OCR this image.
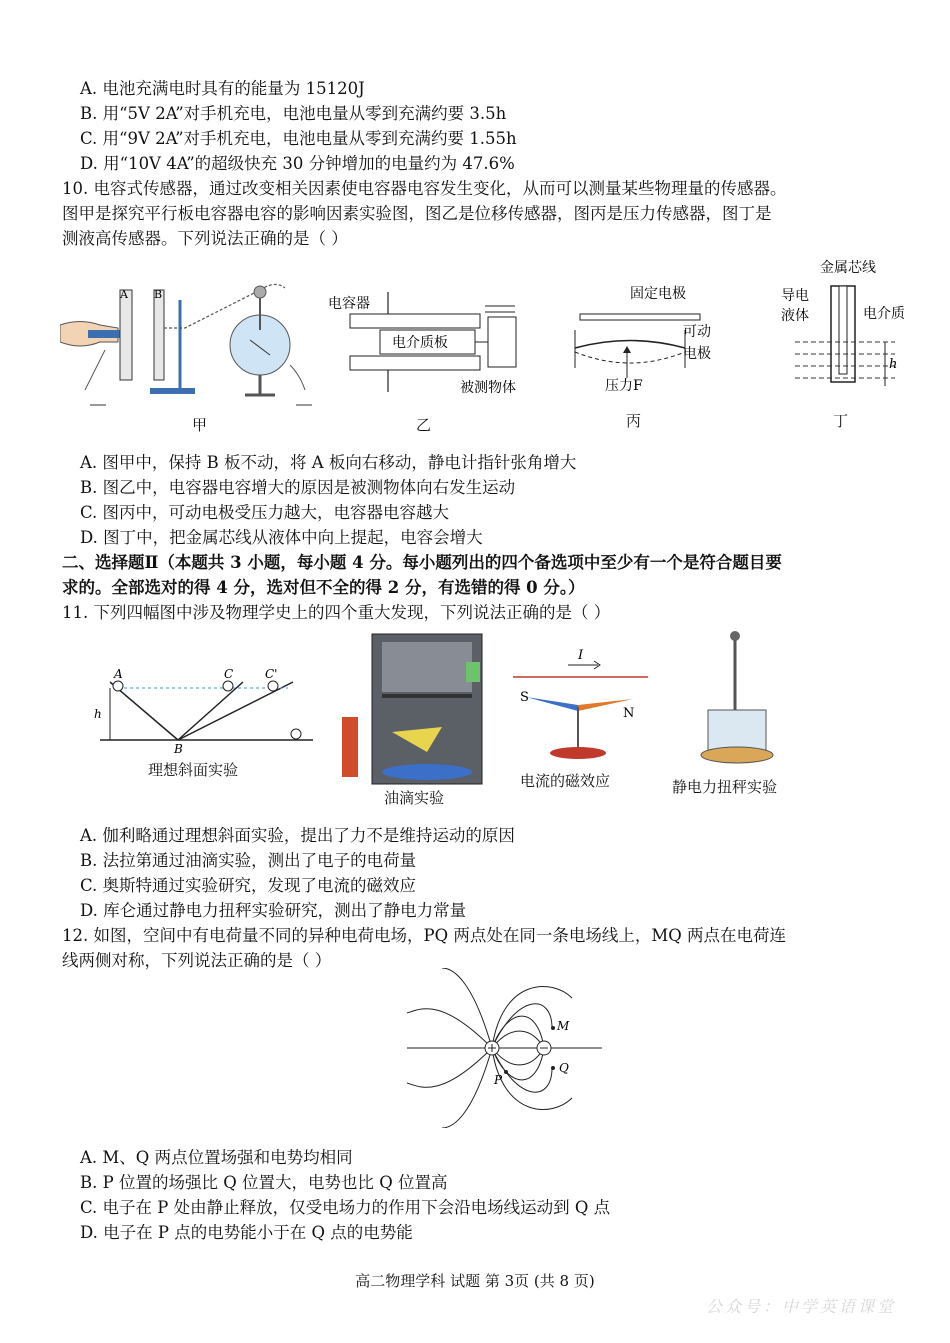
A. 电池充满电时具有的能量为 15120J
B. 用“5V 2A”对手机充电，电池电量从零到充满约要 3.5h
C. 用“9V 2A”对手机充电，电池电量从零到充满约要 1.55h
D. 用“10V 4A”的超级快充 30 分钟增加的电量约为 47.6%
10. 电容式传感器，通过改变相关因素使电容器电容发生变化，从而可以测量某些物理量的传感器。
图甲是探究平行板电容器电容的影响因素实验图，图乙是位移传感器，图丙是压力传感器，图丁是
测液高传感器。下列说法正确的是（ ）
A B
甲
电容器
电介质板
被测物体
乙
固定电极
可动
电极
压力F
丙
金属芯线
导电
液体	电介质
h
丁
A. 图甲中，保持 B 板不动，将 A 板向右移动，静电计指针张角增大
B. 图乙中，电容器电容增大的原因是被测物体向右发生运动
C. 图丙中，可动电极受压力越大，电容器电容越大
D. 图丁中，把金属芯线从液体中向上提起，电容会增大
二、选择题Ⅱ（本题共 3 小题，每小题 4 分。每小题列出的四个备选项中至少有一个是符合题目要
求的。全部选对的得 4 分，选对但不全的得 2 分，有选错的得 0 分。）
11. 下列四幅图中涉及物理学史上的四个重大发现，下列说法正确的是（ ）
A	C	C'
h
B
理想斜面实验
油滴实验
I
S
N
电流的磁效应	静电力扭秤实验
A. 伽利略通过理想斜面实验，提出了力不是维持运动的原因
B. 法拉第通过油滴实验，测出了电子的电荷量
C. 奥斯特通过实验研究，发现了电流的磁效应
D. 库仑通过静电力扭秤实验研究，测出了静电力常量
12. 如图，空间中有电荷量不同的异种电荷电场，PQ 两点处在同一条电场线上，MQ 两点在电荷连
线两侧对称，下列说法正确的是（ ）
M
Q
P
A. M、Q 两点位置场强和电势均相同
B. P 位置的场强比 Q 位置大，电势也比 Q 位置高
C. 电子在 P 处由静止释放，仅受电场力的作用下会沿电场线运动到 Q 点
D. 电子在 P 点的电势能小于在 Q 点的电势能
高二物理学科 试题 第 3页 (共 8 页)
公众号：中学英语课堂
